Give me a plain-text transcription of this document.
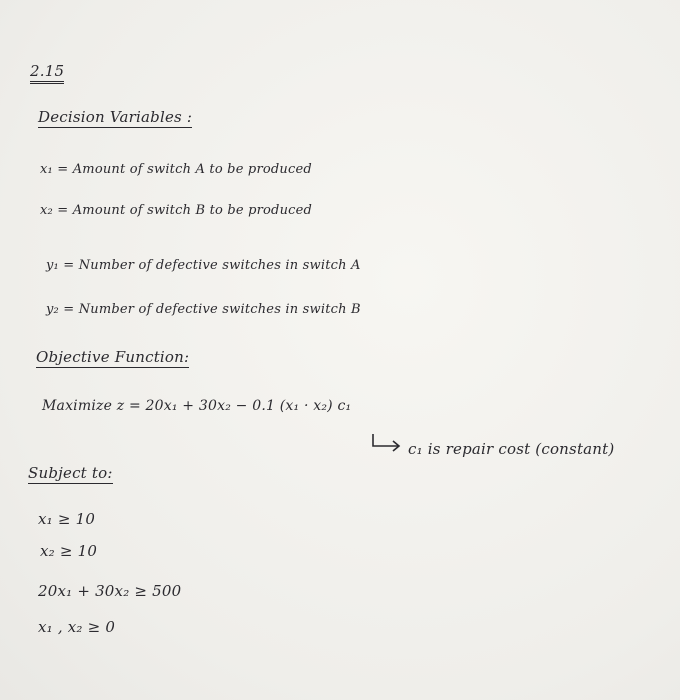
2.15
Decision Variables :
x₁ = Amount of switch A to be produced
x₂ = Amount of switch B to be produced
y₁ = Number of defective switches in switch A
y₂ = Number of defective switches in switch B
Objective Function:
Maximize z = 20x₁ + 30x₂ − 0.1 (x₁ · x₂) c₁
c₁ is repair cost (constant)
Subject to:
x₁ ≥ 10
x₂ ≥ 10
20x₁ + 30x₂ ≥ 500
x₁ , x₂ ≥ 0
